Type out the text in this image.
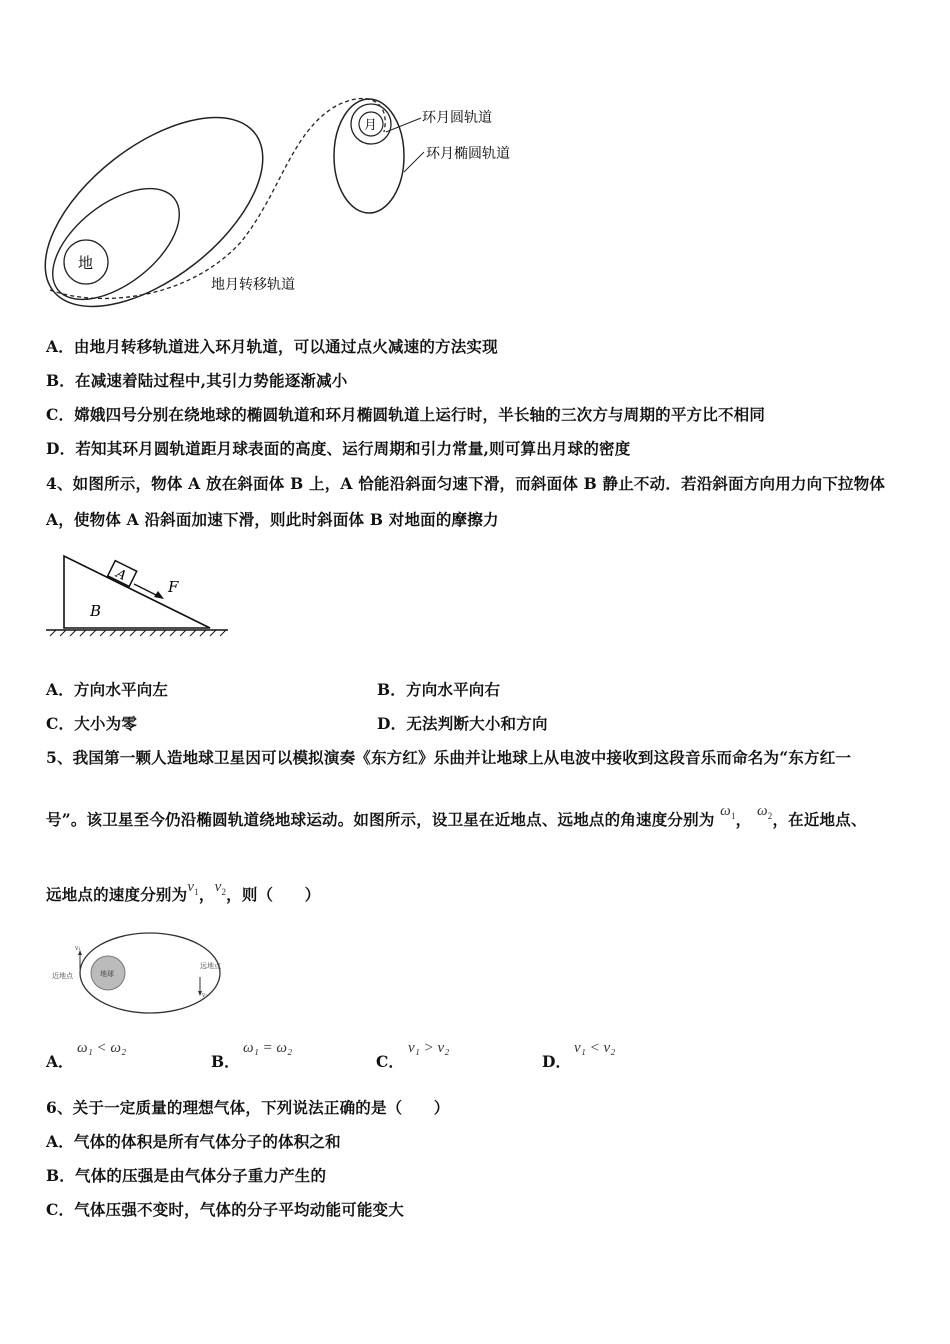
地
月	环月圆轨道
环月椭圆轨道
地月转移轨道
A．由地月转移轨道进入环月轨道，可以通过点火减速的方法实现
B．在减速着陆过程中,其引力势能逐渐减小
C．嫦娥四号分别在绕地球的椭圆轨道和环月椭圆轨道上运行时，半长轴的三次方与周期的平方比不相同
D．若知其环月圆轨道距月球表面的高度、运行周期和引力常量,则可算出月球的密度
4、如图所示，物体 A 放在斜面体 B 上，A 恰能沿斜面匀速下滑，而斜面体 B 静止不动．若沿斜面方向用力向下拉物体
A，使物体 A 沿斜面加速下滑，则此时斜面体 B 对地面的摩擦力
A
F
B
A．方向水平向左	B．方向水平向右
C．大小为零	D．无法判断大小和方向
5、我国第一颗人造地球卫星因可以模拟演奏《东方红》乐曲并让地球上从电波中接收到这段音乐而命名为“东方红一
号”。该卫星至今仍沿椭圆轨道绕地球运动。如图所示，设卫星在近地点、远地点的角速度分别为 $\omega_1$， $\omega_2$，在近地点、
远地点的速度分别为$v_1$，$v_2$，则（　　）
地球
近地点
远地点
v₁
v₂
A．
ω₁ < ω₂
B．
ω₁ = ω₂
C．
v₁ > v₂
D．
v₁ < v₂
6、关于一定质量的理想气体，下列说法正确的是（　　）
A．气体的体积是所有气体分子的体积之和
B．气体的压强是由气体分子重力产生的
C．气体压强不变时，气体的分子平均动能可能变大
